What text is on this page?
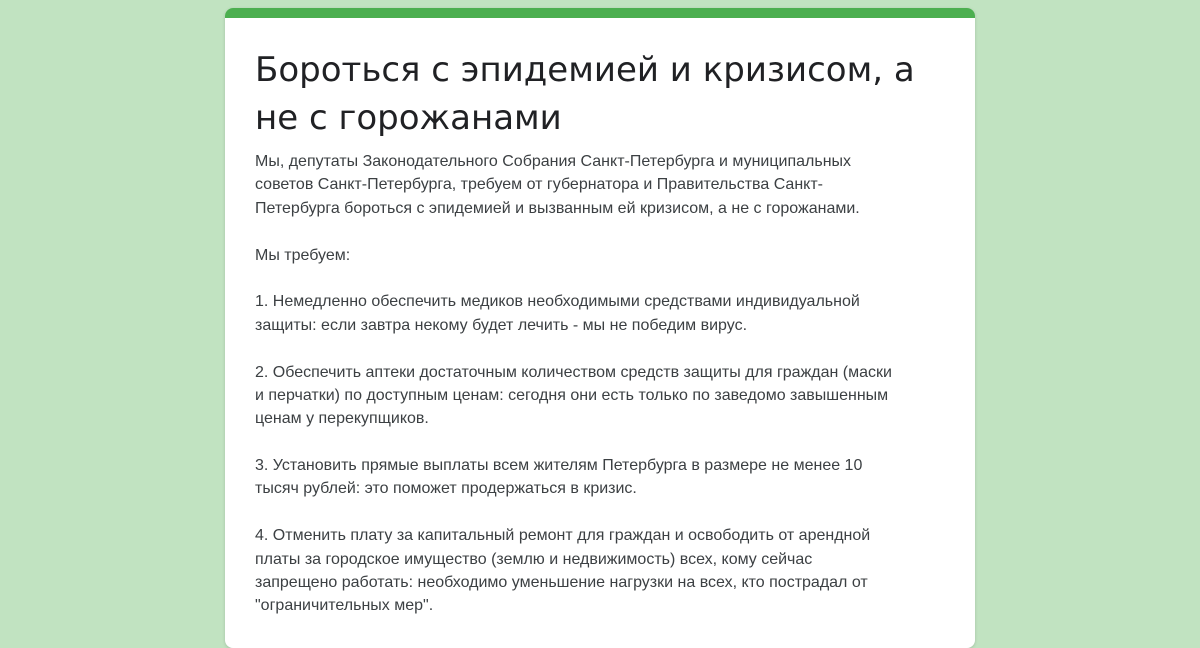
Бороться с эпидемией и кризисом, а
не с горожанами
Мы, депутаты Законодательного Собрания Санкт-Петербурга и муниципальных
советов Санкт-Петербурга, требуем от губернатора и Правительства Санкт-
Петербурга бороться с эпидемией и вызванным ей кризисом, а не с горожанами.
Мы требуем:
1. Немедленно обеспечить медиков необходимыми средствами индивидуальной
защиты: если завтра некому будет лечить - мы не победим вирус.
2. Обеспечить аптеки достаточным количеством средств защиты для граждан (маски
и перчатки) по доступным ценам: сегодня они есть только по заведомо завышенным
ценам у перекупщиков.
3. Установить прямые выплаты всем жителям Петербурга в размере не менее 10
тысяч рублей: это поможет продержаться в кризис.
4. Отменить плату за капитальный ремонт для граждан и освободить от арендной
платы за городское имущество (землю и недвижимость) всех, кому сейчас
запрещено работать: необходимо уменьшение нагрузки на всех, кто пострадал от
"ограничительных мер".
